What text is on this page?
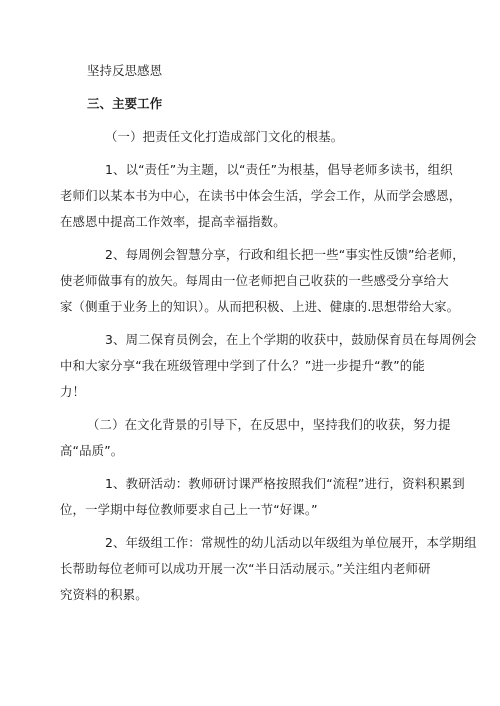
坚持反思感恩
三、主要工作
（一）把责任文化打造成部门文化的根基。
1、以“责任”为主题，以“责任”为根基，倡导老师多读书，组织
老师们以某本书为中心，在读书中体会生活，学会工作，从而学会感恩，
在感恩中提高工作效率，提高幸福指数。
2、每周例会智慧分享，行政和组长把一些“事实性反馈”给老师，
使老师做事有的放矢。每周由一位老师把自己收获的一些感受分享给大
家（侧重于业务上的知识）。从而把积极、上进、健康的.思想带给大家。
3、周二保育员例会，在上个学期的收获中，鼓励保育员在每周例会
中和大家分享“我在班级管理中学到了什么？”进一步提升“教”的能
力！
（二）在文化背景的引导下，在反思中，坚持我们的收获，努力提
高“品质”。
1、教研活动：教师研讨课严格按照我们“流程”进行，资料积累到
位，一学期中每位教师要求自己上一节“好课。”
2、年级组工作：常规性的幼儿活动以年级组为单位展开，本学期组
长帮助每位老师可以成功开展一次“半日活动展示。”关注组内老师研
究资料的积累。
